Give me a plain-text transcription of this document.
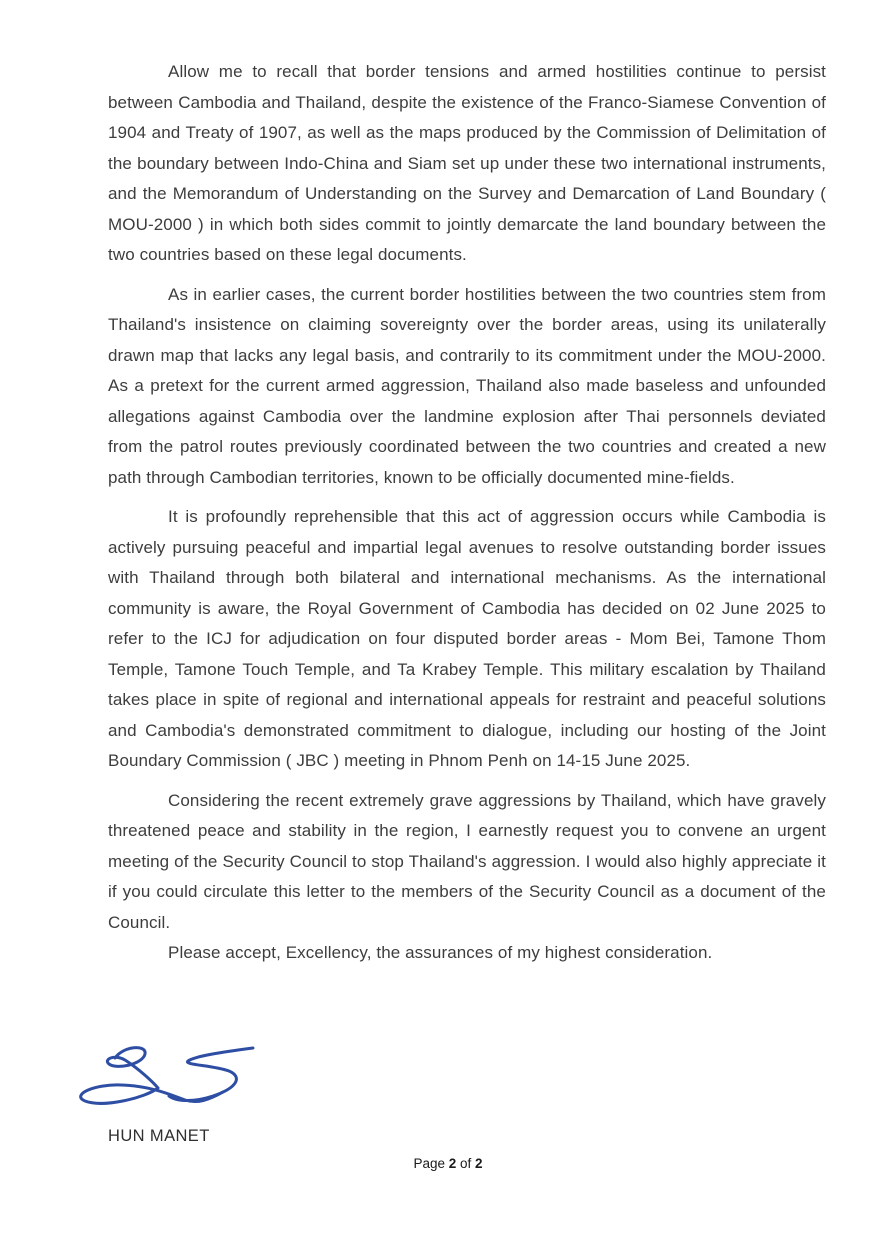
Allow me to recall that border tensions and armed hostilities continue to persist between Cambodia and Thailand, despite the existence of the Franco-Siamese Convention of 1904 and Treaty of 1907, as well as the maps produced by the Commission of Delimitation of the boundary between Indo-China and Siam set up under these two international instruments, and the Memorandum of Understanding on the Survey and Demarcation of Land Boundary ( MOU-2000 ) in which both sides commit to jointly demarcate the land boundary between the two countries based on these legal documents.

As in earlier cases, the current border hostilities between the two countries stem from Thailand's insistence on claiming sovereignty over the border areas, using its unilaterally drawn map that lacks any legal basis, and contrarily to its commitment under the MOU-2000. As a pretext for the current armed aggression, Thailand also made baseless and unfounded allegations against Cambodia over the landmine explosion after Thai personnels deviated from the patrol routes previously coordinated between the two countries and created a new path through Cambodian territories, known to be officially documented mine-fields.

It is profoundly reprehensible that this act of aggression occurs while Cambodia is actively pursuing peaceful and impartial legal avenues to resolve outstanding border issues with Thailand through both bilateral and international mechanisms. As the international community is aware, the Royal Government of Cambodia has decided on 02 June 2025 to refer to the ICJ for adjudication on four disputed border areas - Mom Bei, Tamone Thom Temple, Tamone Touch Temple, and Ta Krabey Temple. This military escalation by Thailand takes place in spite of regional and international appeals for restraint and peaceful solutions and Cambodia's demonstrated commitment to dialogue, including our hosting of the Joint Boundary Commission ( JBC ) meeting in Phnom Penh on 14-15 June 2025.

Considering the recent extremely grave aggressions by Thailand, which have gravely threatened peace and stability in the region, I earnestly request you to convene an urgent meeting of the Security Council to stop Thailand's aggression. I would also highly appreciate it if you could circulate this letter to the members of the Security Council as a document of the Council.

Please accept, Excellency, the assurances of my highest consideration.

HUN MANET
Page 2 of 2
